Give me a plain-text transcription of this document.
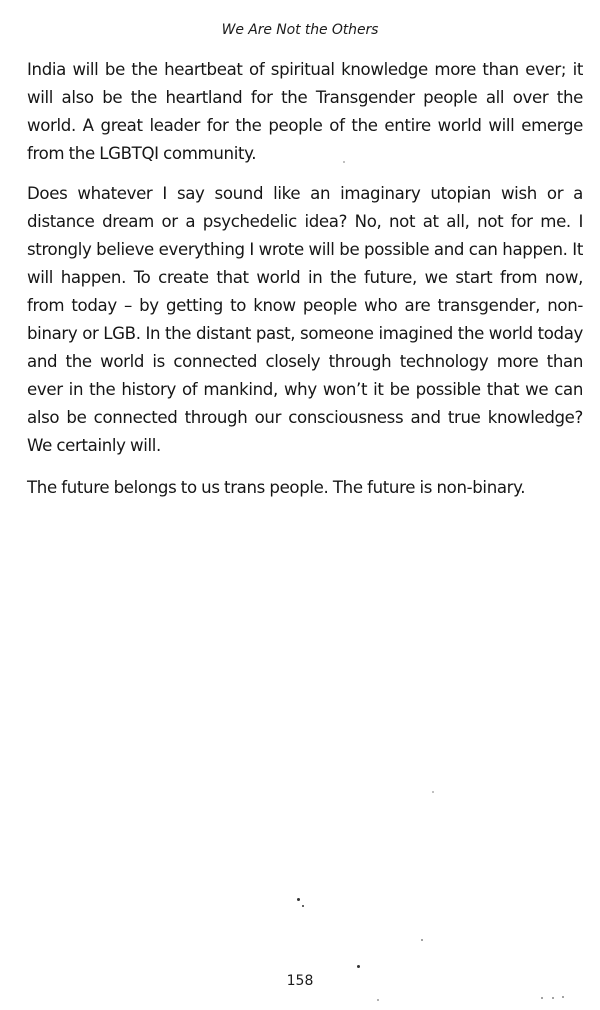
We Are Not the Others

India will be the heartbeat of spiritual knowledge more than ever; it will also be the heartland for the Transgender people all over the world. A great leader for the people of the entire world will emerge from the LGBTQI community.

Does whatever I say sound like an imaginary utopian wish or a distance dream or a psychedelic idea? No, not at all, not for me. I strongly believe everything I wrote will be possible and can happen. It will happen. To create that world in the future, we start from now, from today – by getting to know people who are transgender, non-binary or LGB. In the distant past, someone imagined the world today and the world is connected closely through technology more than ever in the history of mankind, why won’t it be possible that we can also be connected through our consciousness and true knowledge? We certainly will.

The future belongs to us trans people. The future is non-binary.

158
